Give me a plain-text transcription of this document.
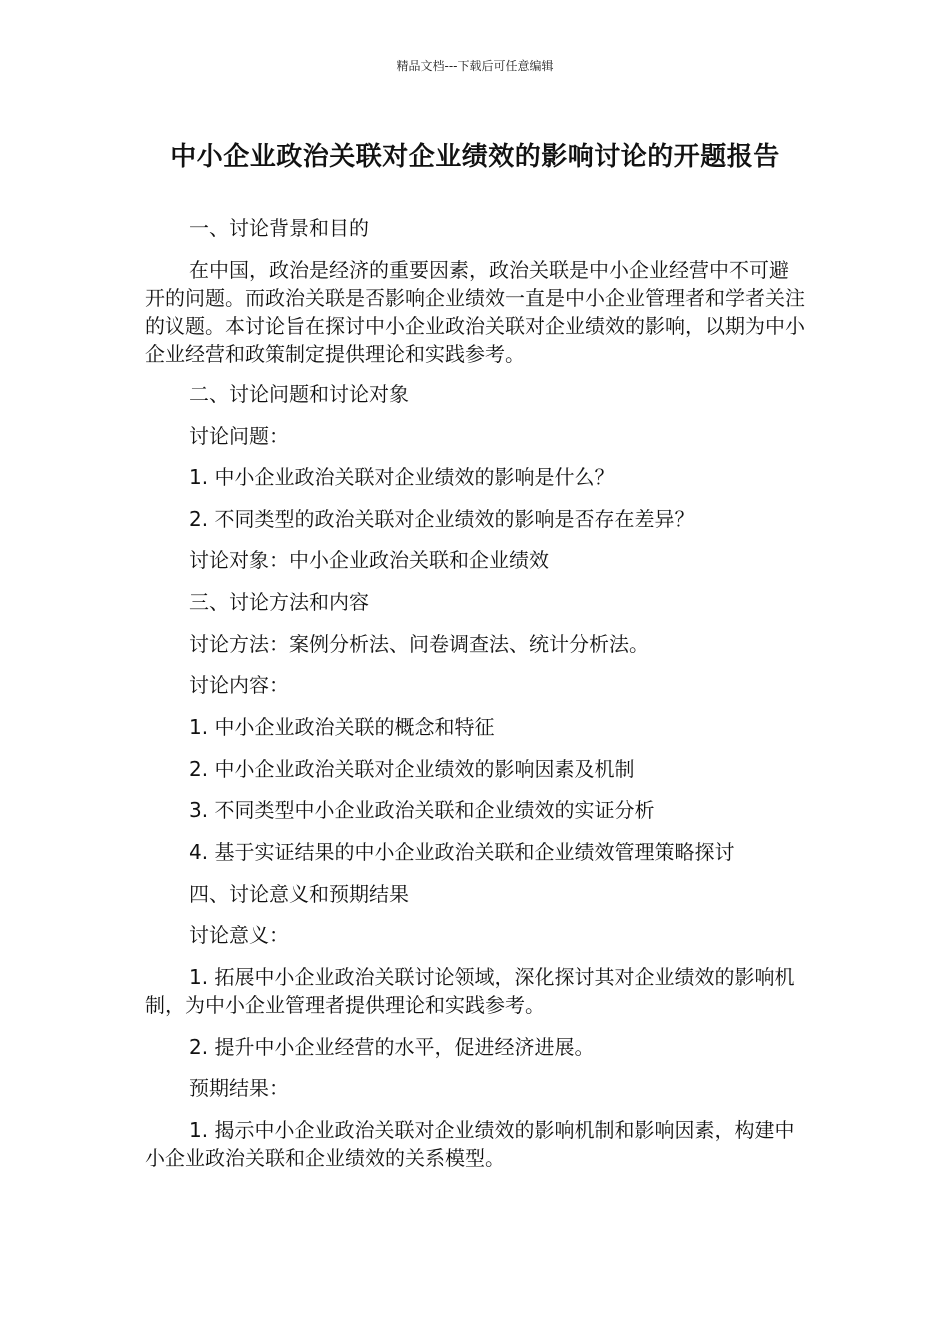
精品文档---下载后可任意编辑
中小企业政治关联对企业绩效的影响讨论的开题报告

一、讨论背景和目的

在中国，政治是经济的重要因素，政治关联是中小企业经营中不可避开的问题。而政治关联是否影响企业绩效一直是中小企业管理者和学者关注的议题。本讨论旨在探讨中小企业政治关联对企业绩效的影响，以期为中小企业经营和政策制定提供理论和实践参考。

二、讨论问题和讨论对象

讨论问题：

1. 中小企业政治关联对企业绩效的影响是什么？

2. 不同类型的政治关联对企业绩效的影响是否存在差异？

讨论对象：中小企业政治关联和企业绩效

三、讨论方法和内容

讨论方法：案例分析法、问卷调查法、统计分析法。

讨论内容：

1. 中小企业政治关联的概念和特征

2. 中小企业政治关联对企业绩效的影响因素及机制

3. 不同类型中小企业政治关联和企业绩效的实证分析

4. 基于实证结果的中小企业政治关联和企业绩效管理策略探讨

四、讨论意义和预期结果

讨论意义：

1. 拓展中小企业政治关联讨论领域，深化探讨其对企业绩效的影响机制，为中小企业管理者提供理论和实践参考。

2. 提升中小企业经营的水平，促进经济进展。

预期结果：

1. 揭示中小企业政治关联对企业绩效的影响机制和影响因素，构建中小企业政治关联和企业绩效的关系模型。
